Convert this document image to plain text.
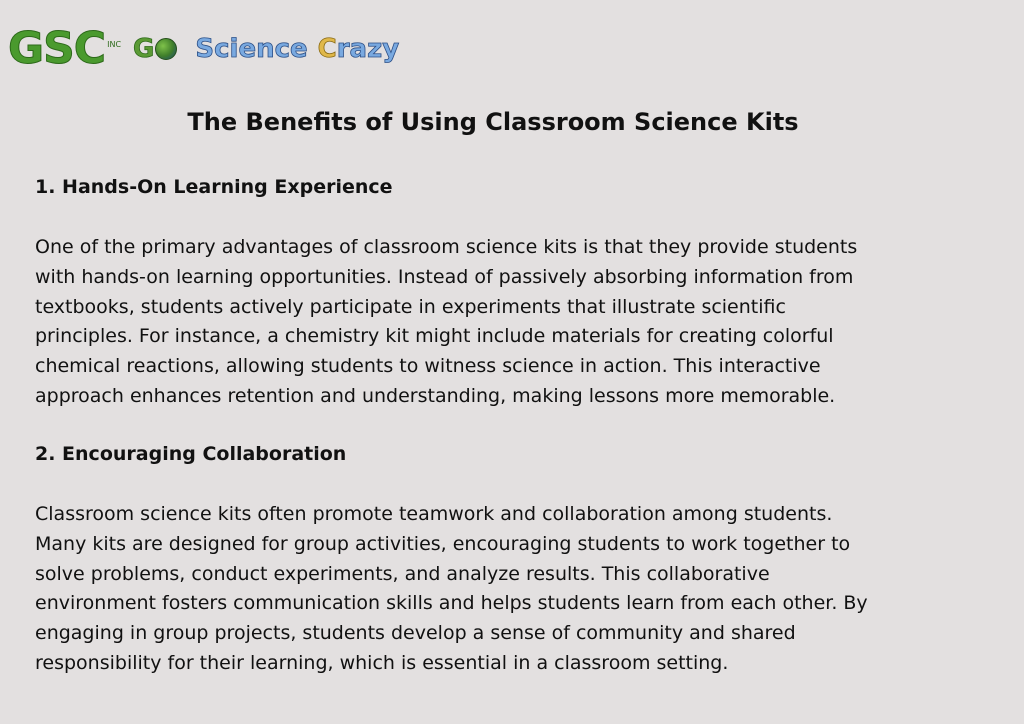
GSC INC G Science Crazy
The Benefits of Using Classroom Science Kits
1. Hands-On Learning Experience

One of the primary advantages of classroom science kits is that they provide students
with hands-on learning opportunities. Instead of passively absorbing information from
textbooks, students actively participate in experiments that illustrate scientific
principles. For instance, a chemistry kit might include materials for creating colorful
chemical reactions, allowing students to witness science in action. This interactive
approach enhances retention and understanding, making lessons more memorable.

2. Encouraging Collaboration

Classroom science kits often promote teamwork and collaboration among students.
Many kits are designed for group activities, encouraging students to work together to
solve problems, conduct experiments, and analyze results. This collaborative
environment fosters communication skills and helps students learn from each other. By
engaging in group projects, students develop a sense of community and shared
responsibility for their learning, which is essential in a classroom setting.
